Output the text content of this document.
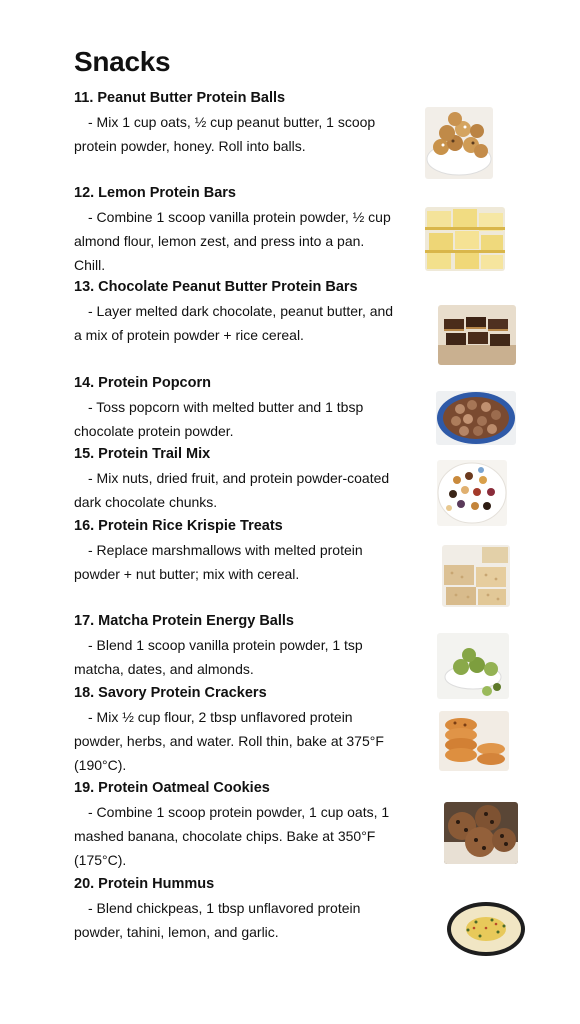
Snacks
11. Peanut Butter Protein Balls
- Mix 1 cup oats, ½ cup peanut butter, 1 scoop protein powder, honey. Roll into balls.
12. Lemon Protein Bars
- Combine 1 scoop vanilla protein powder, ½ cup almond flour, lemon zest, and press into a pan. Chill.
13. Chocolate Peanut Butter Protein Bars
- Layer melted dark chocolate, peanut butter, and a mix of protein powder + rice cereal.
14. Protein Popcorn
- Toss popcorn with melted butter and 1 tbsp chocolate protein powder.
15. Protein Trail Mix
- Mix nuts, dried fruit, and protein powder-coated dark chocolate chunks.
16. Protein Rice Krispie Treats
- Replace marshmallows with melted protein powder + nut butter; mix with cereal.
17. Matcha Protein Energy Balls
- Blend 1 scoop vanilla protein powder, 1 tsp matcha, dates, and almonds.
18. Savory Protein Crackers
- Mix ½ cup flour, 2 tbsp unflavored protein powder, herbs, and water. Roll thin, bake at 375°F (190°C).
19. Protein Oatmeal Cookies
- Combine 1 scoop protein powder, 1 cup oats, 1 mashed banana, chocolate chips. Bake at 350°F (175°C).
20. Protein Hummus
- Blend chickpeas, 1 tbsp unflavored protein powder, tahini, lemon, and garlic.
